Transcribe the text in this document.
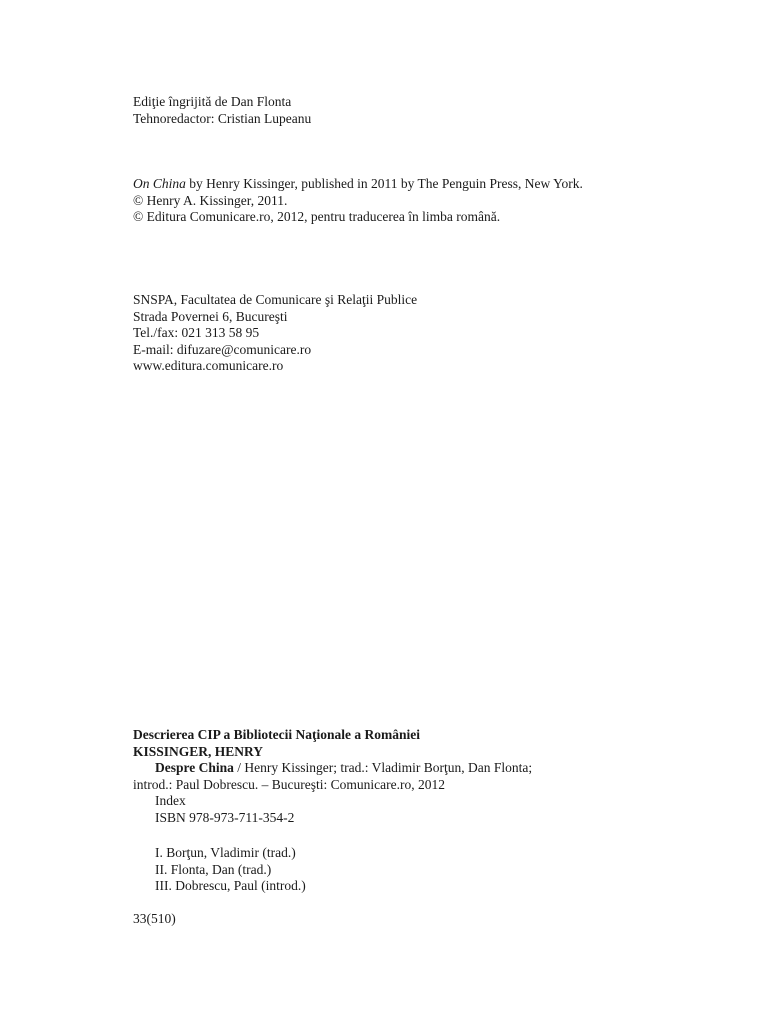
Ediţie îngrijită de Dan Flonta
Tehnoredactor: Cristian Lupeanu
On China by Henry Kissinger, published in 2011 by The Penguin Press, New York.
© Henry A. Kissinger, 2011.
© Editura Comunicare.ro, 2012, pentru traducerea în limba română.
SNSPA, Facultatea de Comunicare şi Relaţii Publice
Strada Povernei 6, Bucureşti
Tel./fax: 021 313 58 95
E-mail: difuzare@comunicare.ro
www.editura.comunicare.ro
Descrierea CIP a Bibliotecii Naţionale a României
KISSINGER, HENRY
Despre China / Henry Kissinger; trad.: Vladimir Borţun, Dan Flonta;
introd.: Paul Dobrescu. – Bucureşti: Comunicare.ro, 2012
Index
ISBN 978-973-711-354-2
I. Borţun, Vladimir (trad.)
II. Flonta, Dan (trad.)
III. Dobrescu, Paul (introd.)
33(510)
